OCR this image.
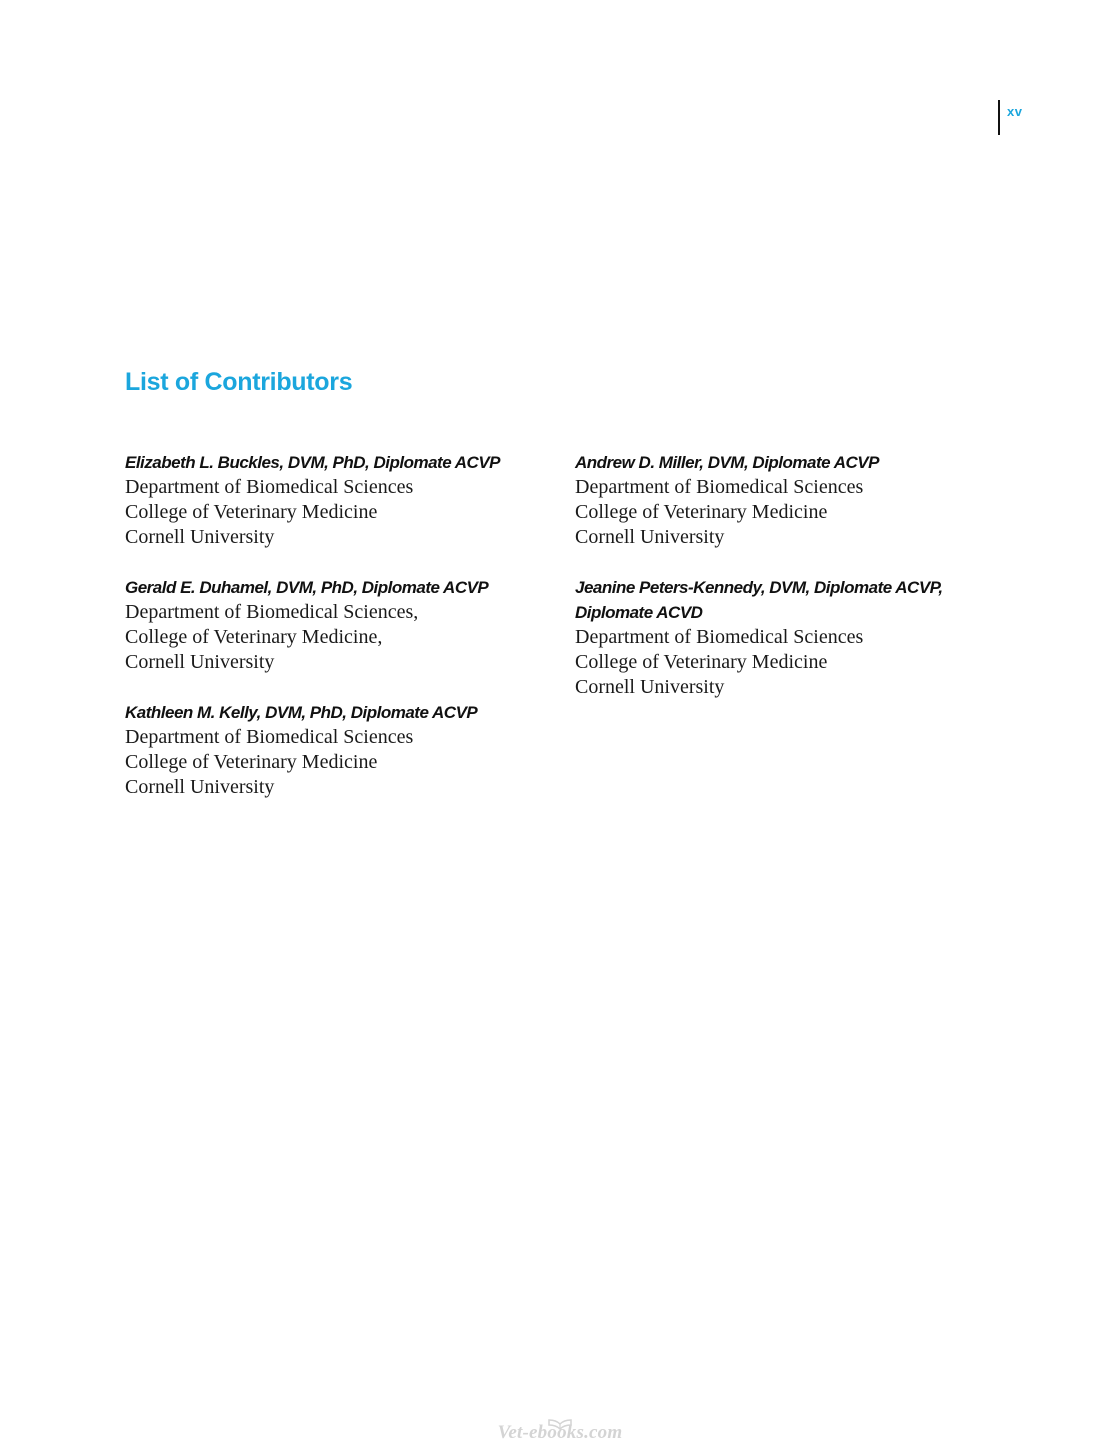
xv
List of Contributors
Elizabeth L. Buckles, DVM, PhD, Diplomate ACVP
Department of Biomedical Sciences
College of Veterinary Medicine
Cornell University
Gerald E. Duhamel, DVM, PhD, Diplomate ACVP
Department of Biomedical Sciences,
College of Veterinary Medicine,
Cornell University
Kathleen M. Kelly, DVM, PhD, Diplomate ACVP
Department of Biomedical Sciences
College of Veterinary Medicine
Cornell University
Andrew D. Miller, DVM, Diplomate ACVP
Department of Biomedical Sciences
College of Veterinary Medicine
Cornell University
Jeanine Peters-Kennedy, DVM, Diplomate ACVP,
Diplomate ACVD
Department of Biomedical Sciences
College of Veterinary Medicine
Cornell University
Vet-ebooks.com
